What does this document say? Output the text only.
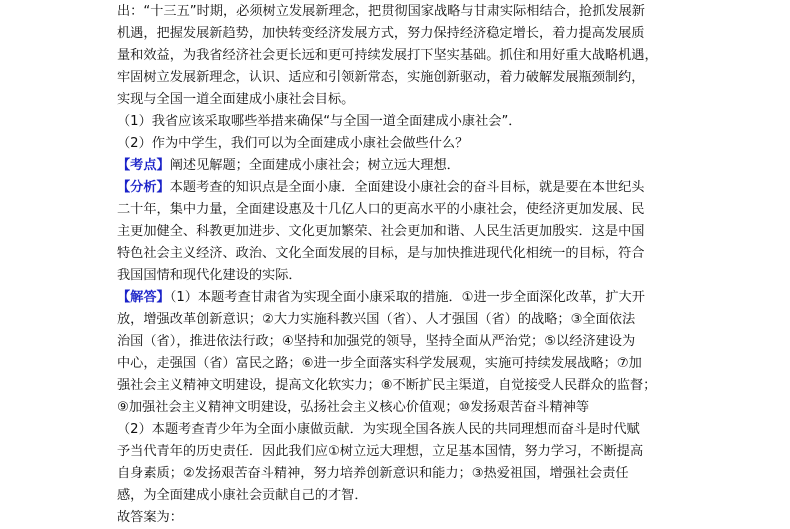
出：“十三五”时期，必须树立发展新理念，把贯彻国家战略与甘肃实际相结合，抢抓发展新
机遇，把握发展新趋势，加快转变经济发展方式，努力保持经济稳定增长，着力提高发展质
量和效益，为我省经济社会更长远和更可持续发展打下坚实基础。抓住和用好重大战略机遇，
牢固树立发展新理念，认识、适应和引领新常态，实施创新驱动，着力破解发展瓶颈制约，
实现与全国一道全面建成小康社会目标。
（1）我省应该采取哪些举措来确保“与全国一道全面建成小康社会”．
（2）作为中学生，我们可以为全面建成小康社会做些什么？
【考点】阐述见解题；全面建成小康社会；树立远大理想．
【分析】本题考查的知识点是全面小康．全面建设小康社会的奋斗目标，就是要在本世纪头
二十年，集中力量，全面建设惠及十几亿人口的更高水平的小康社会，使经济更加发展、民
主更加健全、科教更加进步、文化更加繁荣、社会更加和谐、人民生活更加殷实．这是中国
特色社会主义经济、政治、文化全面发展的目标，是与加快推进现代化相统一的目标，符合
我国国情和现代化建设的实际．
【解答】（1）本题考查甘肃省为实现全面小康采取的措施．①进一步全面深化改革，扩大开
放，增强改革创新意识；②大力实施科教兴国（省）、人才强国（省）的战略；③全面依法
治国（省），推进依法行政；④坚持和加强党的领导，坚持全面从严治党；⑤以经济建设为
中心，走强国（省）富民之路；⑥进一步全面落实科学发展观，实施可持续发展战略；⑦加
强社会主义精神文明建设，提高文化软实力；⑧不断扩民主渠道，自觉接受人民群众的监督；
⑨加强社会主义精神文明建设，弘扬社会主义核心价值观；⑩发扬艰苦奋斗精神等
（2）本题考查青少年为全面小康做贡献．为实现全国各族人民的共同理想而奋斗是时代赋
予当代青年的历史责任．因此我们应①树立远大理想，立足基本国情，努力学习，不断提高
自身素质；②发扬艰苦奋斗精神，努力培养创新意识和能力；③热爱祖国，增强社会责任
感，为全面建成小康社会贡献自己的才智．
故答案为：
